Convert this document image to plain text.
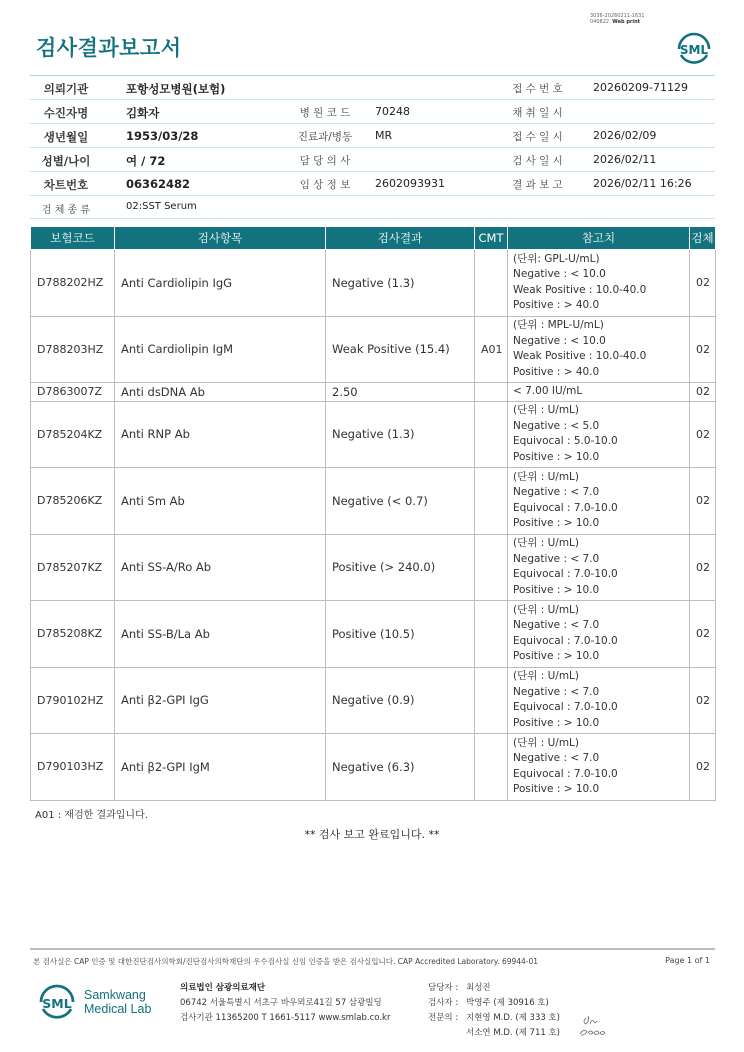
3036-20260211-1631
040822 Web print
검사결과보고서	SML
의뢰기관	포항성모병원(보험)	접 수 번 호	20260209-71129
수진자명	김화자	병 원 코 드	70248	채 취 일 시
생년월일	1953/03/28	진료과/병동	MR	접 수 일 시	2026/02/09
성별/나이	여 / 72	담 당 의 사	검 사 일 시	2026/02/11
차트번호	06362482	임 상 정 보	2602093931	결 과 보 고	2026/02/11 16:26
검 체 종 류	02:SST Serum
보험코드	검사항목	검사결과	CMT	참고치	검체
D788202HZ	Anti Cardiolipin IgG	Negative (1.3)		(단위: GPL-U/mL)
Negative : < 10.0
Weak Positive : 10.0-40.0
Positive : > 40.0	02
D788203HZ	Anti Cardiolipin IgM	Weak Positive (15.4)	A01	(단위 : MPL-U/mL)
Negative : < 10.0
Weak Positive : 10.0-40.0
Positive : > 40.0	02
D7863007Z	Anti dsDNA Ab	2.50		< 7.00 IU/mL	02
D785204KZ	Anti RNP Ab	Negative (1.3)		(단위 : U/mL)
Negative : < 5.0
Equivocal : 5.0-10.0
Positive : > 10.0	02
D785206KZ	Anti Sm Ab	Negative (< 0.7)		(단위 : U/mL)
Negative : < 7.0
Equivocal : 7.0-10.0
Positive : > 10.0	02
D785207KZ	Anti SS-A/Ro Ab	Positive (> 240.0)		(단위 : U/mL)
Negative : < 7.0
Equivocal : 7.0-10.0
Positive : > 10.0	02
D785208KZ	Anti SS-B/La Ab	Positive (10.5)		(단위 : U/mL)
Negative : < 7.0
Equivocal : 7.0-10.0
Positive : > 10.0	02
D790102HZ	Anti β2-GPI IgG	Negative (0.9)		(단위 : U/mL)
Negative : < 7.0
Equivocal : 7.0-10.0
Positive : > 10.0	02
D790103HZ	Anti β2-GPI IgM	Negative (6.3)		(단위 : U/mL)
Negative : < 7.0
Equivocal : 7.0-10.0
Positive : > 10.0	02
A01 : 재검한 결과입니다.
** 검사 보고 완료입니다. **
본 검사실은 CAP 인증 및 대한진단검사의학회/진단검사의학재단의 우수검사실 신임 인증을 받은 검사실입니다. CAP Accredited Laboratory. 69944-01	Page 1 of 1
SML
Samkwang
Medical Lab
의료법인 삼광의료재단
06742 서울특별시 서초구 바우뫼로41길 57 삼광빌딩
검사기관 11365200 T 1661-5117 www.smlab.co.kr
담당자 : 최성진
검사자 : 박영주 (제 30916 호)
전문의 : 지현영 M.D. (제 333 호)
서소연 M.D. (제 711 호)
